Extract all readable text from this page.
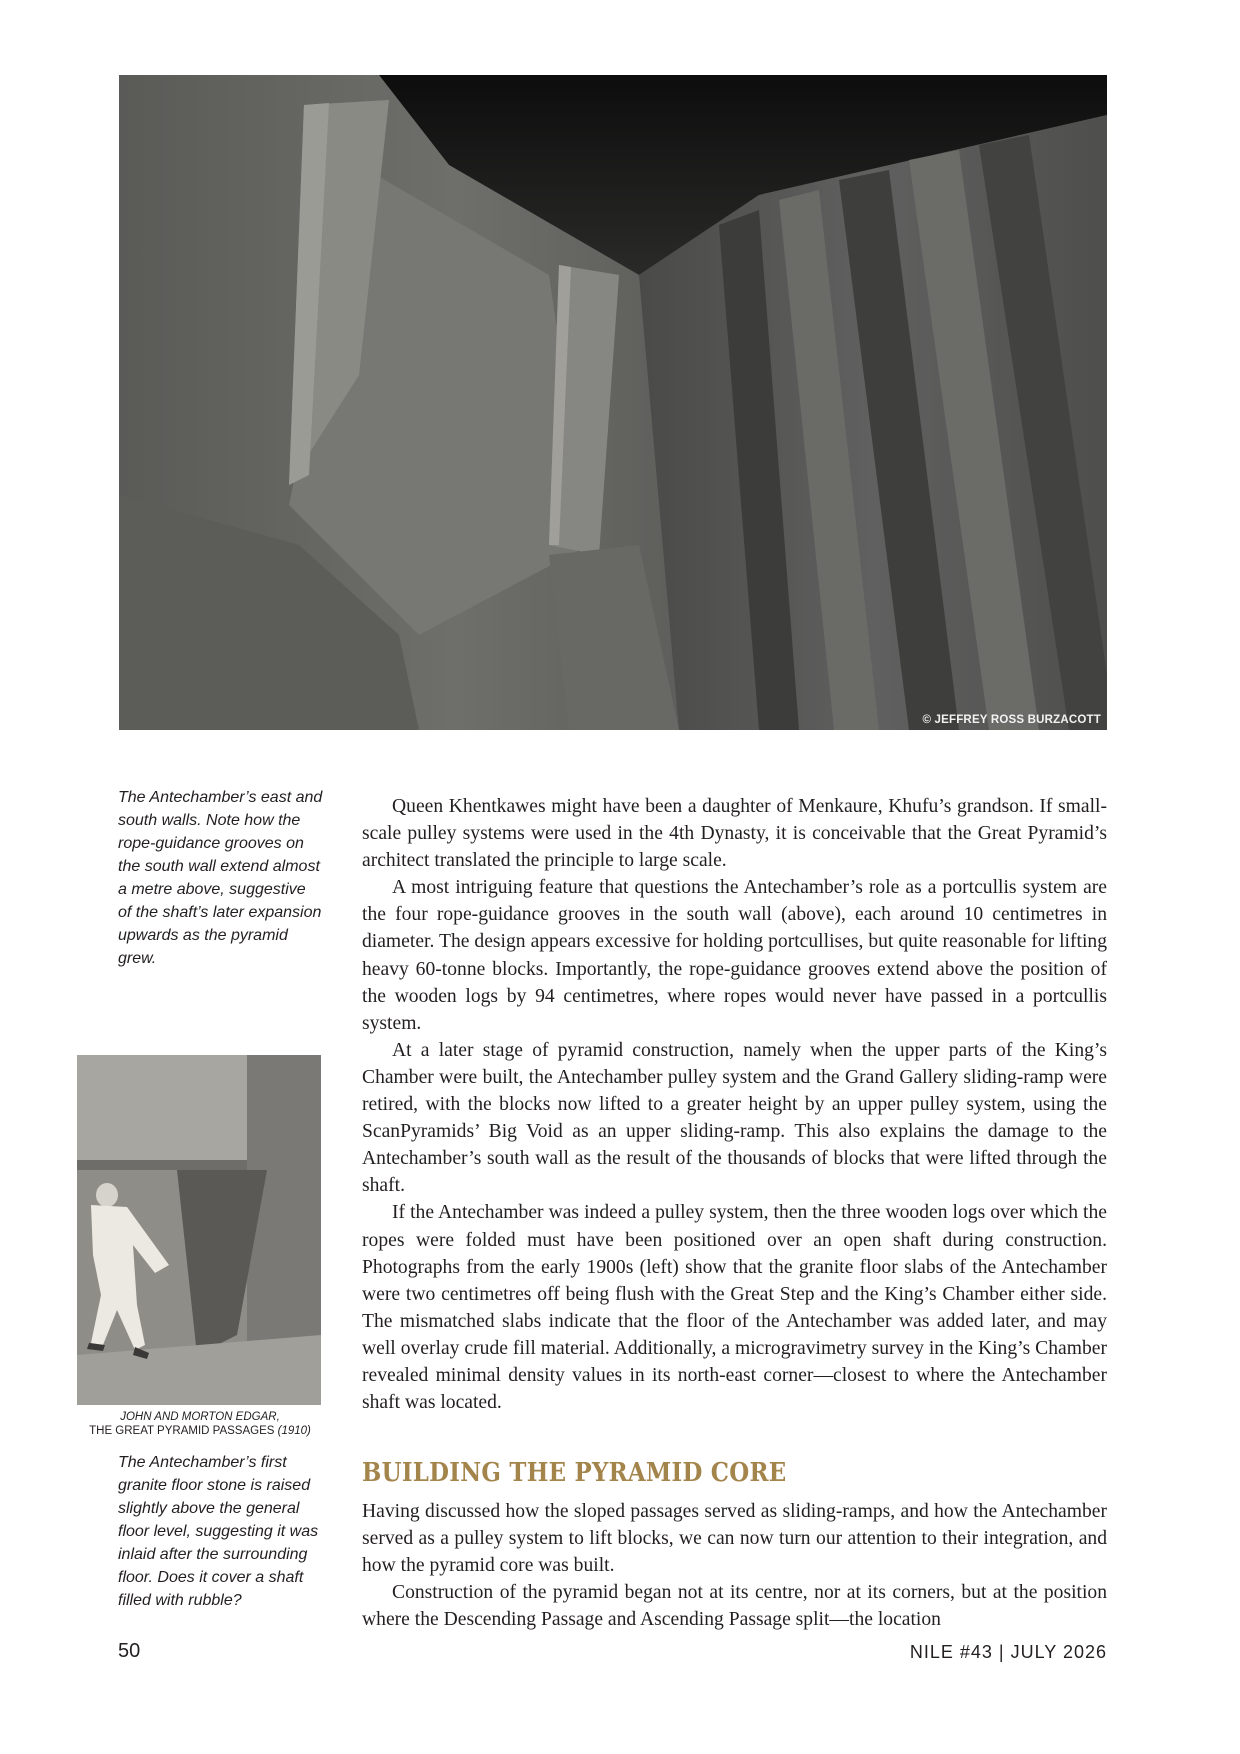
© JEFFREY ROSS BURZACOTT

The Antechamber’s east and south walls. Note how the rope-guidance grooves on the south wall extend almost a metre above, suggestive of the shaft’s later expansion upwards as the pyramid grew.

JOHN AND MORTON EDGAR,
THE GREAT PYRAMID PASSAGES (1910)

The Antechamber’s first granite floor stone is raised slightly above the general floor level, suggesting it was inlaid after the surrounding floor. Does it cover a shaft filled with rubble?

Queen Khentkawes might have been a daughter of Menkaure, Khufu’s grandson. If small-scale pulley systems were used in the 4th Dynasty, it is conceivable that the Great Pyramid’s architect translated the principle to large scale.

A most intriguing feature that questions the Antechamber’s role as a portcullis system are the four rope-guidance grooves in the south wall (above), each around 10 centimetres in diameter. The design appears excessive for holding portcullises, but quite reasonable for lifting heavy 60-tonne blocks. Importantly, the rope-guidance grooves extend above the position of the wooden logs by 94 centimetres, where ropes would never have passed in a portcullis system.

At a later stage of pyramid construction, namely when the upper parts of the King’s Chamber were built, the Antechamber pulley system and the Grand Gallery sliding-ramp were retired, with the blocks now lifted to a greater height by an upper pulley system, using the ScanPyramids’ Big Void as an upper sliding-ramp. This also explains the damage to the Antechamber’s south wall as the result of the thousands of blocks that were lifted through the shaft.

If the Antechamber was indeed a pulley system, then the three wooden logs over which the ropes were folded must have been positioned over an open shaft during construction. Photographs from the early 1900s (left) show that the granite floor slabs of the Antechamber were two centimetres off being flush with the Great Step and the King’s Chamber either side. The mismatched slabs indicate that the floor of the Antechamber was added later, and may well overlay crude fill material. Additionally, a microgravimetry survey in the King’s Chamber revealed minimal density values in its north-east corner—closest to where the Antechamber shaft was located.

BUILDING THE PYRAMID CORE

Having discussed how the sloped passages served as sliding-ramps, and how the Antechamber served as a pulley system to lift blocks, we can now turn our attention to their integration, and how the pyramid core was built.

Construction of the pyramid began not at its centre, nor at its corners, but at the position where the Descending Passage and Ascending Passage split—the location

50	NILE #43 | JULY 2026
